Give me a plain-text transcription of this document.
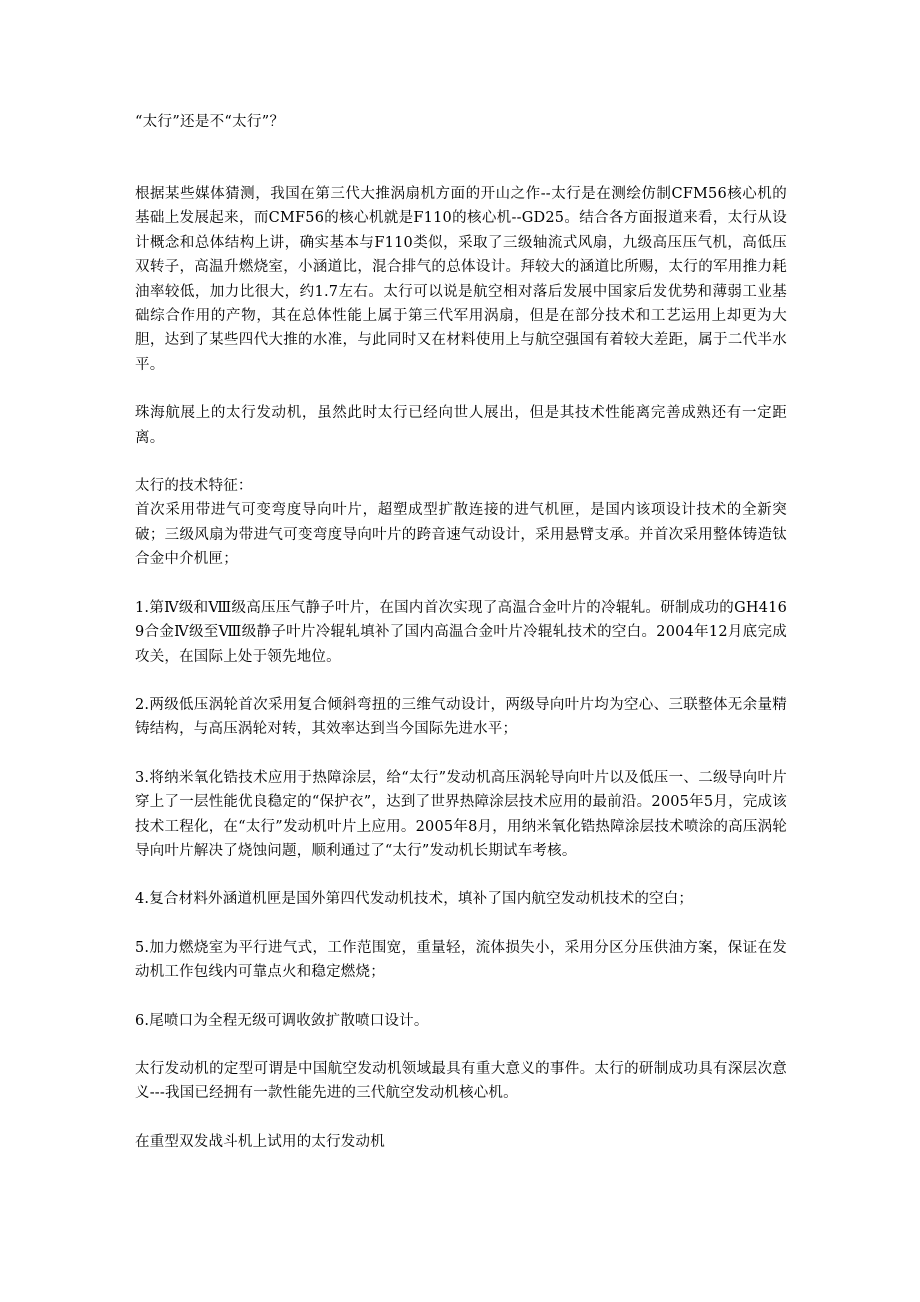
“太行”还是不“太行”？

根据某些媒体猜测，我国在第三代大推涡扇机方面的开山之作--太行是在测绘仿制CFM56核心机的基础上发展起来，而CMF56的核心机就是F110的核心机--GD25。结合各方面报道来看，太行从设计概念和总体结构上讲，确实基本与F110类似，采取了三级轴流式风扇，九级高压压气机，高低压双转子，高温升燃烧室，小涵道比，混合排气的总体设计。拜较大的涵道比所赐，太行的军用推力耗油率较低，加力比很大，约1.7左右。太行可以说是航空相对落后发展中国家后发优势和薄弱工业基础综合作用的产物，其在总体性能上属于第三代军用涡扇，但是在部分技术和工艺运用上却更为大胆，达到了某些四代大推的水准，与此同时又在材料使用上与航空强国有着较大差距，属于二代半水平。

珠海航展上的太行发动机，虽然此时太行已经向世人展出，但是其技术性能离完善成熟还有一定距离。

太行的技术特征：

首次采用带进气可变弯度导向叶片，超塑成型扩散连接的进气机匣，是国内该项设计技术的全新突破；三级风扇为带进气可变弯度导向叶片的跨音速气动设计，采用悬臂支承。并首次采用整体铸造钛合金中介机匣；

1.第Ⅳ级和Ⅷ级高压压气静子叶片，在国内首次实现了高温合金叶片的冷辊轧。研制成功的GH4169合金Ⅳ级至Ⅷ级静子叶片冷辊轧填补了国内高温合金叶片冷辊轧技术的空白。2004年12月底完成攻关，在国际上处于领先地位。

2.两级低压涡轮首次采用复合倾斜弯扭的三维气动设计，两级导向叶片均为空心、三联整体无余量精铸结构，与高压涡轮对转，其效率达到当今国际先进水平；

3.将纳米氧化锆技术应用于热障涂层，给“太行”发动机高压涡轮导向叶片以及低压一、二级导向叶片穿上了一层性能优良稳定的“保护衣”，达到了世界热障涂层技术应用的最前沿。2005年5月，完成该技术工程化，在“太行”发动机叶片上应用。2005年8月，用纳米氧化锆热障涂层技术喷涂的高压涡轮导向叶片解决了烧蚀问题，顺利通过了“太行”发动机长期试车考核。

4.复合材料外涵道机匣是国外第四代发动机技术，填补了国内航空发动机技术的空白；

5.加力燃烧室为平行进气式，工作范围宽，重量轻，流体损失小，采用分区分压供油方案，保证在发动机工作包线内可靠点火和稳定燃烧；

6.尾喷口为全程无级可调收敛扩散喷口设计。

太行发动机的定型可谓是中国航空发动机领域最具有重大意义的事件。太行的研制成功具有深层次意义---我国已经拥有一款性能先进的三代航空发动机核心机。

在重型双发战斗机上试用的太行发动机
